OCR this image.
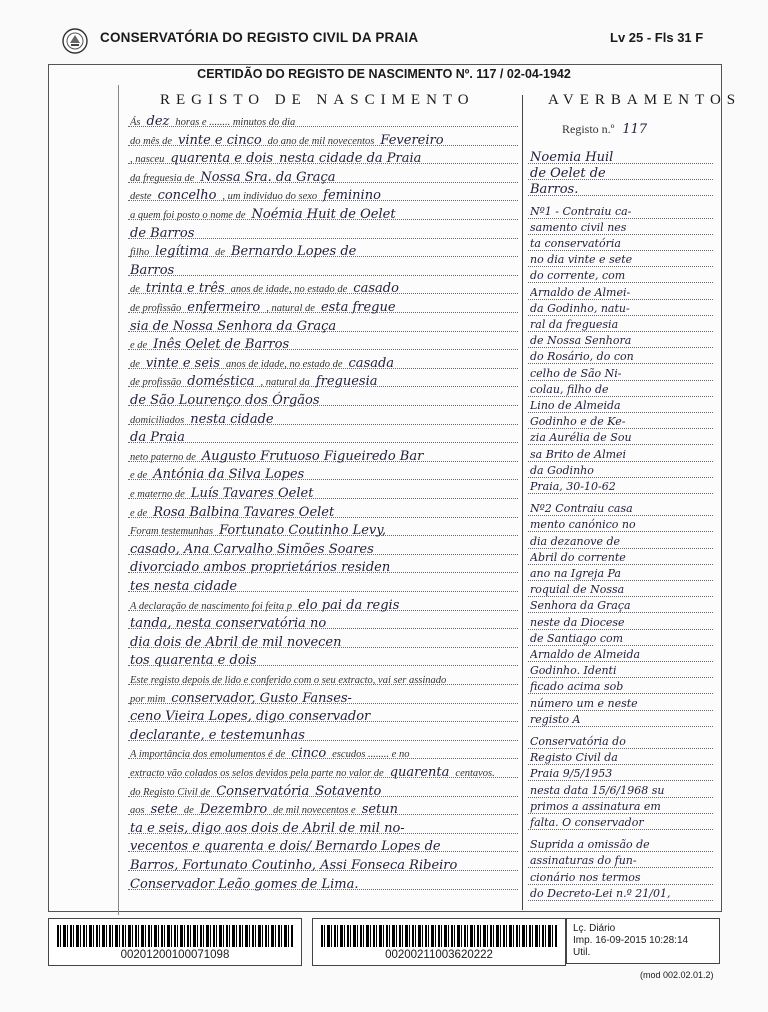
CONSERVATÓRIA DO REGISTO CIVIL DA PRAIA	Lv 25 - Fls 31 F
CERTIDÃO DO REGISTO DE NASCIMENTO Nº. 117 / 02-04-1942
REGISTO DE NASCIMENTO	AVERBAMENTOS
Ás dez horas e ........ minutos do dia
do mês de vinte e cinco do ano de mil novecentos Fevereiro
, nasceu quarenta e dois nesta cidade da Praia
da freguesia de Nossa Sra. da Graça
deste concelho , um individuo do sexo feminino
a quem foi posto o nome de Noémia Huit de Oelet
de Barros
filho legítima de Bernardo Lopes de
Barros
de trinta e três anos de idade, no estado de casado
de profissão enfermeiro , natural de esta fregue
sia de Nossa Senhora da Graça
e de Inês Oelet de Barros
de vinte e seis anos de idade, no estado de casada
de profissão doméstica , natural da freguesia
de São Lourenço dos Órgãos
domiciliados nesta cidade
da Praia
neto paterno de Augusto Frutuoso Figueiredo Bar
e de Antónia da Silva Lopes
e materno de Luís Tavares Oelet
e de Rosa Balbina Tavares Oelet
Foram testemunhas Fortunato Coutinho Levy,
casado, Ana Carvalho Simões Soares
divorciado ambos proprietários residen
tes nesta cidade
A declaração de nascimento foi feita p elo pai da regis
tanda, nesta conservatória no
dia dois de Abril de mil novecen
tos quarenta e dois
Este registo depois de lido e conferido com o seu extracto, vai ser assinado
por mim conservador, Gusto Fanses-
ceno Vieira Lopes, digo conservador
declarante, e testemunhas
A importância dos emolumentos é de cinco escudos ........ e no
extracto vão colados os selos devidos pela parte no valor de quarenta centavos.
do Registo Civil de Conservatória Sotavento
aos sete de Dezembro de mil novecentos e setun
ta e seis, digo aos dois de Abril de mil no-
vecentos e quarenta e dois/ Bernardo Lopes de
Barros, Fortunato Coutinho, Assi Fonseca Ribeiro
Conservador Leão gomes de Lima.
Registo n.º 117
Noemia Huil
de Oelet de
Barros.
Nº1 - Contraiu ca-
samento civil nes
ta conservatória
no dia vinte e sete
do corrente, com
Arnaldo de Almei-
da Godinho, natu-
ral da freguesia
de Nossa Senhora
do Rosário, do con
celho de São Ni-
colau, filho de
Lino de Almeida
Godinho e de Ke-
zia Aurélia de Sou
sa Brito de Almei
da Godinho
Praia, 30-10-62
Nº2 Contraiu casa
mento canónico no
dia dezanove de
Abril do corrente
ano na Igreja Pa
roquial de Nossa
Senhora da Graça
neste da Diocese
de Santiago com
Arnaldo de Almeida
Godinho. Identi
ficado acima sob
número um e neste
registo A
Conservatória do
Registo Civil da
Praia 9/5/1953
nesta data 15/6/1968 su
primos a assinatura em
falta. O conservador
Suprida a omissão de
assinaturas do fun-
cionário nos termos
do Decreto-Lei n.º 21/01,
00201200100071098	00200211003620222
Lç. Diário
Imp. 16-09-2015 10:28:14
Util.
(mod 002.02.01.2)
